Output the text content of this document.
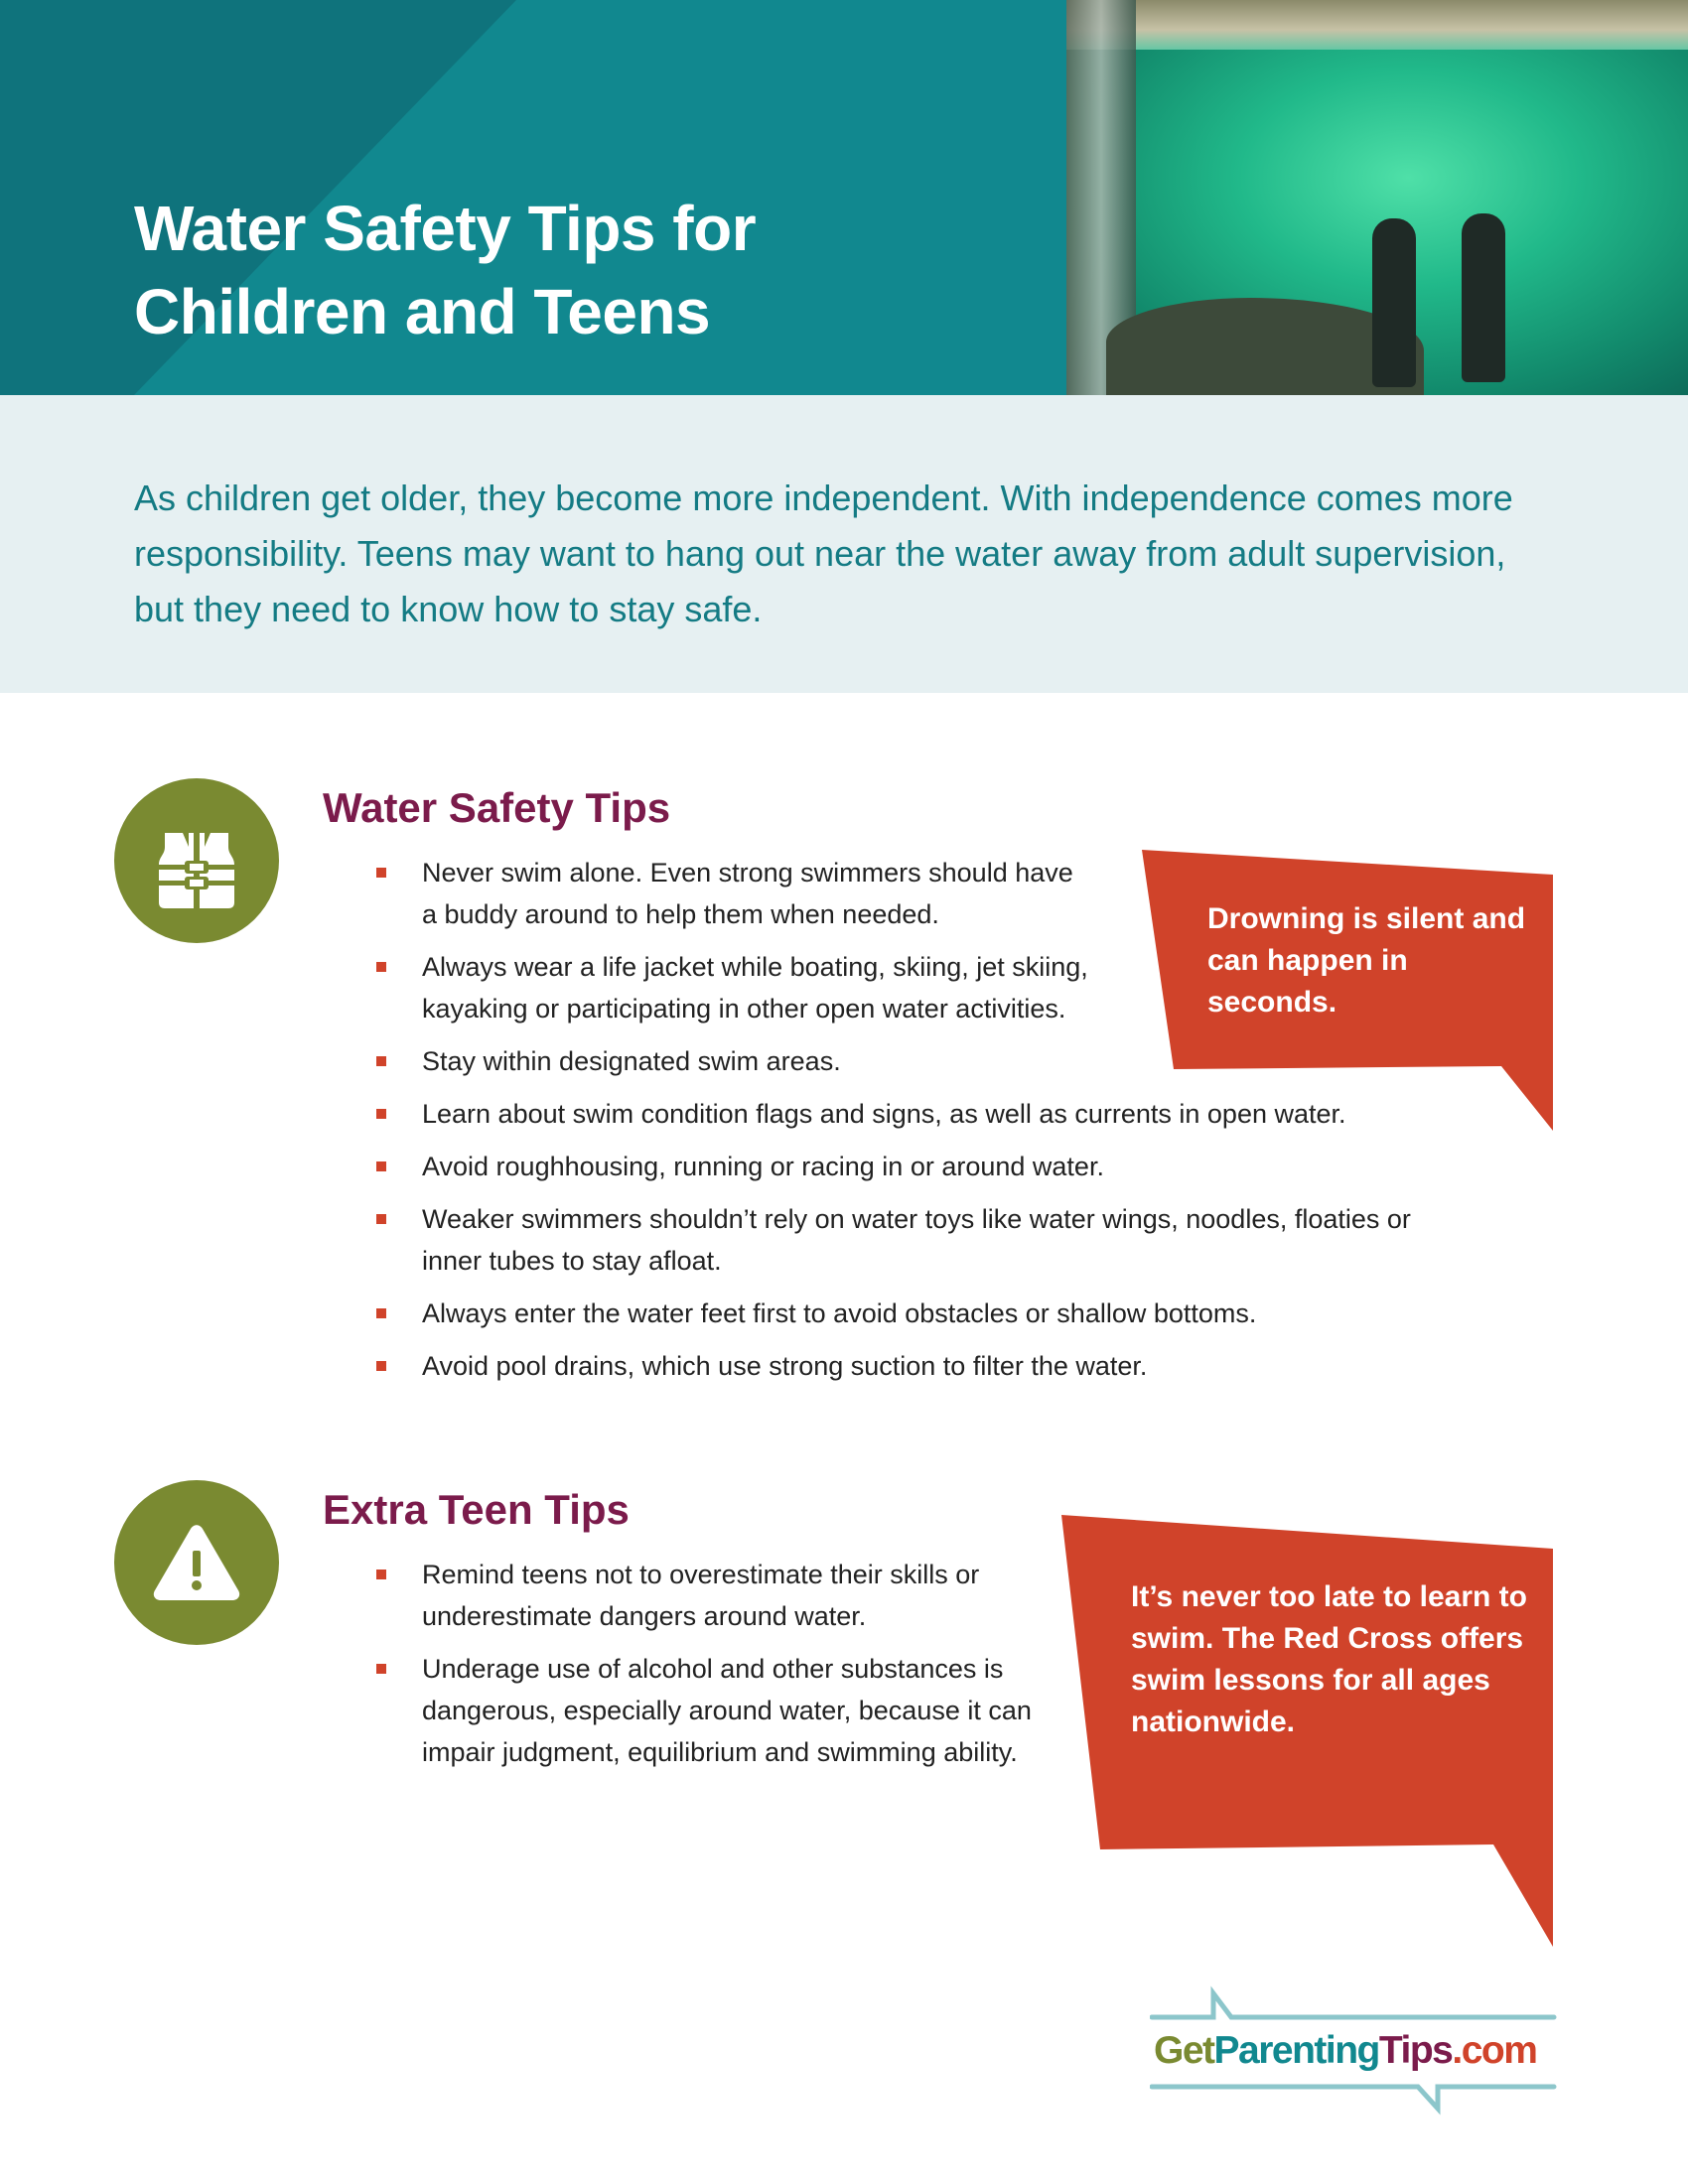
Water Safety Tips for
Children and Teens

As children get older, they become more independent. With independence comes more responsibility. Teens may want to hang out near the water away from adult supervision, but they need to know how to stay safe.

Water Safety Tips
Never swim alone. Even strong swimmers should have a buddy around to help them when needed.
Always wear a life jacket while boating, skiing, jet skiing, kayaking or participating in other open water activities.
Stay within designated swim areas.
Learn about swim condition flags and signs, as well as currents in open water.
Avoid roughhousing, running or racing in or around water.
Weaker swimmers shouldn’t rely on water toys like water wings, noodles, floaties or inner tubes to stay afloat.
Always enter the water feet first to avoid obstacles or shallow bottoms.
Avoid pool drains, which use strong suction to filter the water.
Drowning is silent and can happen in seconds.
Extra Teen Tips
Remind teens not to overestimate their skills or underestimate dangers around water.
Underage use of alcohol and other substances is dangerous, especially around water, because it can impair judgment, equilibrium and swimming ability.
It’s never too late to learn to swim. The Red Cross offers swim lessons for all ages nationwide.
GetParentingTips.com
